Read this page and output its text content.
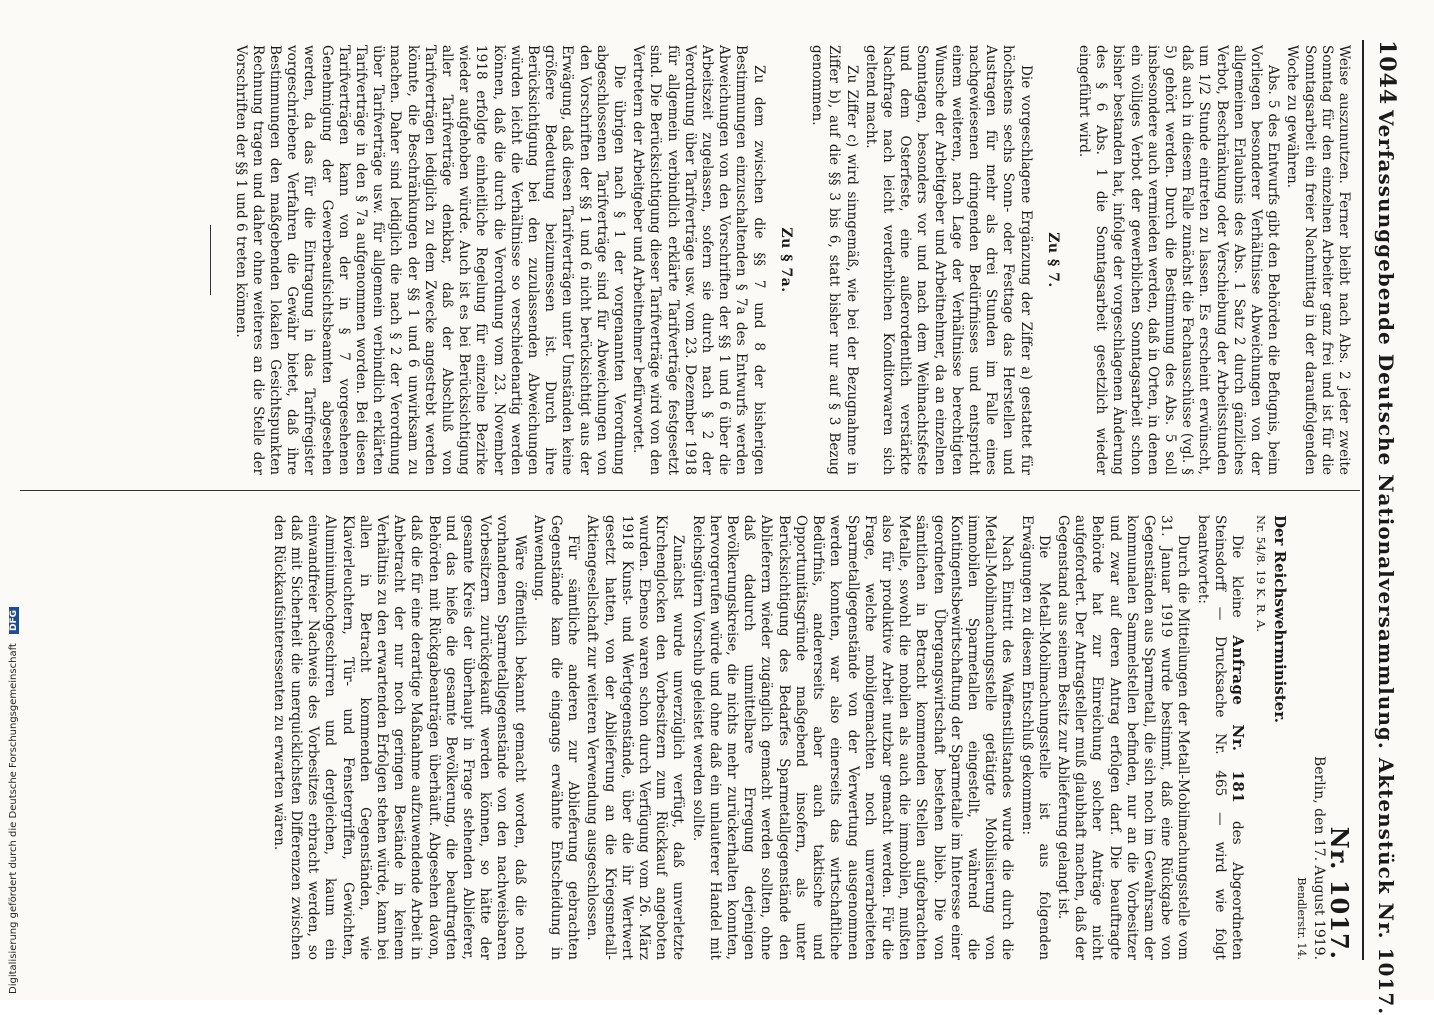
1044
Verfassunggebende Deutsche Nationalversammlung. Aktenstück Nr. 1017.

Weise auszunutzen. Ferner bleibt nach Abs. 2 jeder zweite Sonntag für den einzelnen Arbeiter ganz frei und ist für die Sonntagsarbeit ein freier Nachmittag in der darauffolgenden Woche zu gewähren.

Abs. 5 des Entwurfs gibt den Behörden die Befugnis, beim Vorliegen besonderer Verhältnisse Abweichungen von der allgemeinen Erlaubnis des Abs. 1 Satz 2 durch gänzliches Verbot, Beschränkung oder Verschiebung der Arbeitsstunden um 1/2 Stunde eintreten zu lassen. Es erscheint erwünscht, daß auch in diesem Falle zunächst die Fachausschüsse (vgl. § 5) gehört werden. Durch die Bestimmung des Abs. 5 soll insbesondere auch vermieden werden, daß in Orten, in denen ein völliges Verbot der gewerblichen Sonntagsarbeit schon bisher bestanden hat, infolge der vorgeschlagenen Änderung des § 6 Abs. 1 die Sonntagsarbeit gesetzlich wieder eingeführt wird.

Zu § 7.

Die vorgeschlagene Ergänzung der Ziffer a) gestattet für höchstens sechs Sonn- oder Festtage das Herstellen und Austragen für mehr als drei Stunden im Falle eines nachgewiesenen dringenden Bedürfnisses und entspricht einem weiteren, nach Lage der Verhältnisse berechtigten Wunsche der Arbeitgeber und Arbeitnehmer, da an einzelnen Sonntagen, besonders vor und nach dem Weihnachtsfeste und dem Osterfeste, eine außerordentlich verstärkte Nachfrage nach leicht verderblichen Konditorwaren sich geltend macht.

Zu Ziffer c) wird sinngemäß, wie bei der Bezugnahme in Ziffer b), auf die §§ 3 bis 6, statt bisher nur auf § 3 Bezug genommen.

Zu § 7a.

Zu dem zwischen die §§ 7 und 8 der bisherigen Bestimmungen einzuschaltenden § 7a des Entwurfs werden Abweichungen von den Vorschriften der §§ 1 und 6 über die Arbeitszeit zugelassen, sofern sie durch nach § 2 der Verordnung über Tarifverträge usw. vom 23. Dezember 1918 für allgemein verbindlich erklärte Tarifverträge festgesetzt sind. Die Berücksichtigung dieser Tarifverträge wird von den Vertretern der Arbeitgeber und Arbeitnehmer befürwortet.

Die übrigen nach § 1 der vorgenannten Verordnung abgeschlossenen Tarifverträge sind für Abweichungen von den Vorschriften der §§ 1 und 6 nicht berücksichtigt aus der Erwägung, daß diesen Tarifverträgen unter Umständen keine größere Bedeutung beizumessen ist. Durch ihre Berücksichtigung bei den zuzulassenden Abweichungen würden leicht die Verhältnisse so verschiedenartig werden können, daß die durch die Verordnung vom 23. November 1918 erfolgte einheitliche Regelung für einzelne Bezirke wieder aufgehoben würde. Auch ist es bei Berücksichtigung aller Tarifverträge denkbar, daß der Abschluß von Tarifverträgen lediglich zu dem Zwecke angestrebt werden könnte, die Beschränkungen der §§ 1 und 6 unwirksam zu machen. Daher sind lediglich die nach § 2 der Verordnung über Tarifverträge usw. für allgemein verbindlich erklärten Tarifverträge in den § 7a aufgenommen worden. Bei diesen Tarifverträgen kann von der in § 7 vorgesehenen Genehmigung der Gewerbeaufsichtsbeamten abgesehen werden, da das für die Eintragung in das Tarifregister vorgeschriebene Verfahren die Gewähr bietet, daß ihre Bestimmungen den maßgebenden lokalen Gesichtspunkten Rechnung tragen und daher ohne weiteres an die Stelle der Vorschriften der §§ 1 und 6 treten können.

Nr. 1017.
Berlin, den 17. August 1919.
Bendlerstr. 14.
Der Reichswehrminister.
Nr. 54/8. 19 K. R. A.
Die kleine Anfrage Nr. 181 des Abgeordneten Steinsdorff — Drucksache Nr. 465 — wird wie folgt beantwortet:

Durch die Mitteilungen der Metall-Mobilmachungsstelle vom 31. Januar 1919 wurde bestimmt, daß eine Rückgabe von Gegenständen aus Sparmetall, die sich noch im Gewahrsam der kommunalen Sammelstellen befinden, nur an die Vorbesitzer und zwar auf deren Antrag erfolgen darf. Die beauftragte Behörde hat zur Einreichung solcher Anträge nicht aufgefordert. Der Antragsteller muß glaubhaft machen, daß der Gegenstand aus seinem Besitz zur Ablieferung gelangt ist.

Die Metall-Mobilmachungsstelle ist aus folgenden Erwägungen zu diesem Entschluß gekommen:

Nach Eintritt des Waffenstillstandes wurde die durch die Metall-Mobilmachungsstelle getätigte Mobilisierung von immobilen Sparmetallen eingestellt, während die Kontingentsbewirtschaftung der Sparmetalle im Interesse einer geordneten Übergangswirtschaft bestehen blieb. Die von sämtlichen in Betracht kommenden Stellen aufgebrachten Metalle, sowohl die mobilen als auch die immobilen, mußten also für produktive Arbeit nutzbar gemacht werden. Für die Frage, welche mobilgemachten noch unverarbeiteten Sparmetallgegenstände von der Verwertung ausgenommen werden konnten, war also einerseits das wirtschaftliche Bedürfnis, andererseits aber auch taktische und Opportunitätsgründe maßgebend insofern, als unter Berücksichtigung des Bedarfes Sparmetallgegenstände den Ablieferern wieder zugänglich gemacht werden sollten, ohne daß dadurch unmittelbare Erregung derjenigen Bevölkerungskreise, die nichts mehr zurückerhalten konnten, hervorgerufen würde und ohne daß ein unlauterer Handel mit Reichsgütern Vorschub geleistet werden sollte.

Zunächst wurde unverzüglich verfügt, daß unverletzte Kirchenglocken den Vorbesitzern zum Rückkauf angeboten wurden. Ebenso waren schon durch Verfügung vom 26. März 1918 Kunst- und Wertgegenstände, über die ihr Wertwert gesetzt hatten, von der Ablieferung an die Kriegsmetall-Aktiengesellschaft zur weiteren Verwendung ausgeschlossen.

Für sämtliche anderen zur Ablieferung gebrachten Gegenstände kam die eingangs erwähnte Entscheidung in Anwendung.

Wäre öffentlich bekannt gemacht worden, daß die noch vorhandenen Sparmetallgegenstände von den nachweisbaren Vorbesitzern zurückgekauft werden können, so hätte der gesamte Kreis der überhaupt in Frage stehenden Ablieferer, und das hieße die gesamte Bevölkerung, die beauftragten Behörden mit Rückgabeanträgen überhäuft. Abgesehen davon, daß die für eine derartige Maßnahme aufzuwendende Arbeit in Anbetracht der nur noch geringen Bestände in keinem Verhältnis zu den erwartenden Erfolgen stehen würde, kann bei allen in Betracht kommenden Gegenständen, wie Klavierleuchtern, Tür- und Fenstergriffen, Gewichten, Aluminiumkochgeschirren und dergleichen, kaum ein einwandfreier Nachweis des Vorbesitzes erbracht werden, so daß mit Sicherheit die unerquicklichsten Differenzen zwischen den Rückkaufsinteressenten zu erwarten wären.

Digitalisierung gefördert durch die Deutsche Forschungsgemeinschaft DFG
